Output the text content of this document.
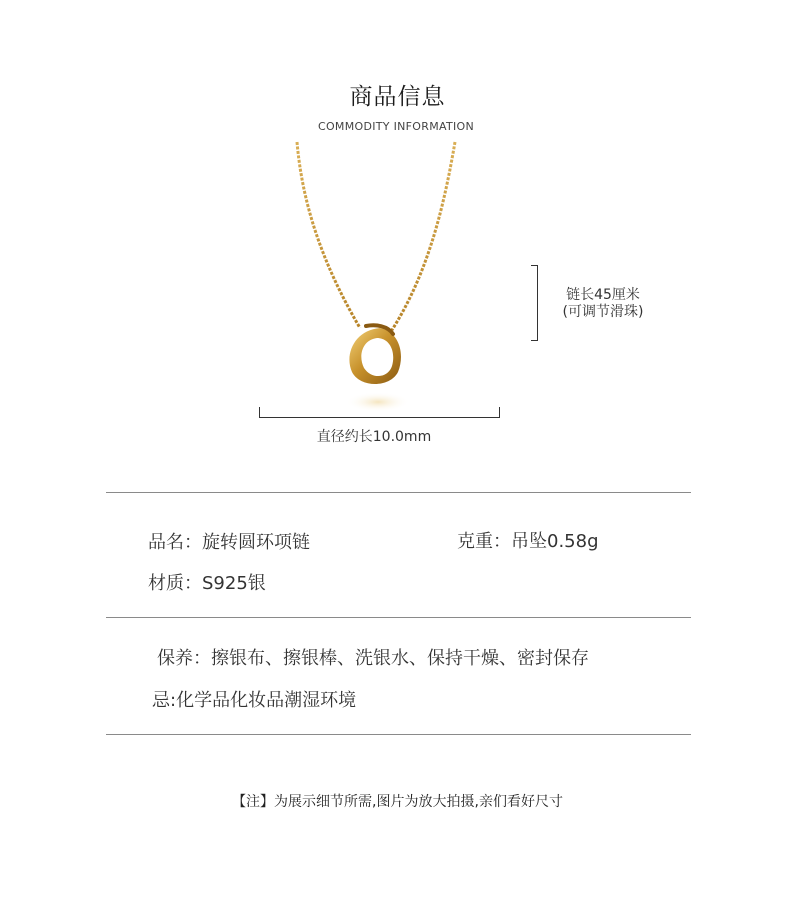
商品信息
COMMODITY INFORMATION
链长45厘米
(可调节滑珠)
直径约长10.0mm
品名：旋转圆环项链	克重：吊坠0.58g
材质：S925银
保养：擦银布、擦银棒、洗银水、保持干燥、密封保存
忌:化学品化妆品潮湿环境
【注】为展示细节所需,图片为放大拍摄,亲们看好尺寸
